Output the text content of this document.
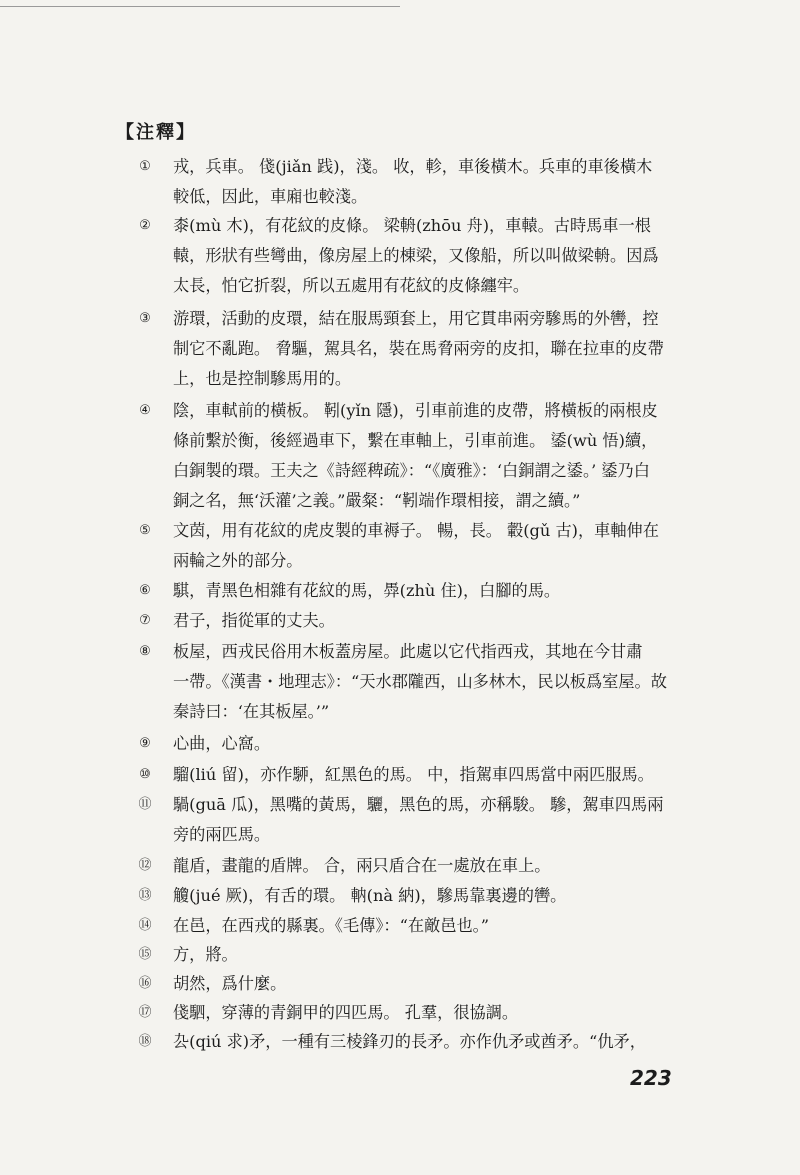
【注釋】
①	戎，兵車。 俴(jiǎn 践)，淺。 收，軫，車後橫木。兵車的車後橫木
較低，因此，車廂也較淺。
②	桼(mù 木)，有花紋的皮條。 梁輈(zhōu 舟)，車轅。古時馬車一根
轅，形狀有些彎曲，像房屋上的棟梁，又像船，所以叫做梁輈。因爲
太長，怕它折裂，所以五處用有花紋的皮條纏牢。
③	游環，活動的皮環，結在服馬頸套上，用它貫串兩旁驂馬的外轡，控
制它不亂跑。 脅驅，駕具名，裝在馬脅兩旁的皮扣，聯在拉車的皮帶
上，也是控制驂馬用的。
④	陰，車軾前的橫板。 靷(yǐn 隱)，引車前進的皮帶，將橫板的兩根皮
條前繫於衡，後經過車下，繫在車軸上，引車前進。 鋈(wù 悟)續，
白銅製的環。王夫之《詩經稗疏》：“《廣雅》：‘白銅謂之鋈。’ 鋈乃白
銅之名，無‘沃灌’之義。”嚴粲：“靷端作環相接，謂之續。”
⑤	文茵，用有花紋的虎皮製的車褥子。 暢，長。 轂(gǔ 古)，車軸伸在
兩輪之外的部分。
⑥	騏，青黑色相雜有花紋的馬，馵(zhù 住)，白腳的馬。
⑦	君子，指從軍的丈夫。
⑧	板屋，西戎民俗用木板蓋房屋。此處以它代指西戎，其地在今甘肅
一帶。《漢書・地理志》：“天水郡隴西，山多林木，民以板爲室屋。故
秦詩曰：‘在其板屋。’”
⑨	心曲，心窩。
⑩	騮(liú 留)，亦作駵，紅黑色的馬。 中，指駕車四馬當中兩匹服馬。
⑪ 騧(guā 瓜)，黑嘴的黃馬，驪，黑色的馬，亦稱駿。 驂，駕車四馬兩
旁的兩匹馬。
⑫ 龍盾，畫龍的盾牌。 合，兩只盾合在一處放在車上。
⑬ 觼(jué 厥)，有舌的環。 軜(nà 納)，驂馬靠裏邊的轡。
⑭ 在邑，在西戎的縣裏。《毛傳》：“在敵邑也。”
⑮ 方，將。
⑯ 胡然，爲什麼。
⑰ 俴駟，穿薄的青銅甲的四匹馬。 孔羣，很協調。
⑱ 厹(qiú 求)矛，一種有三棱鋒刃的長矛。亦作仇矛或酋矛。“仇矛，
223
